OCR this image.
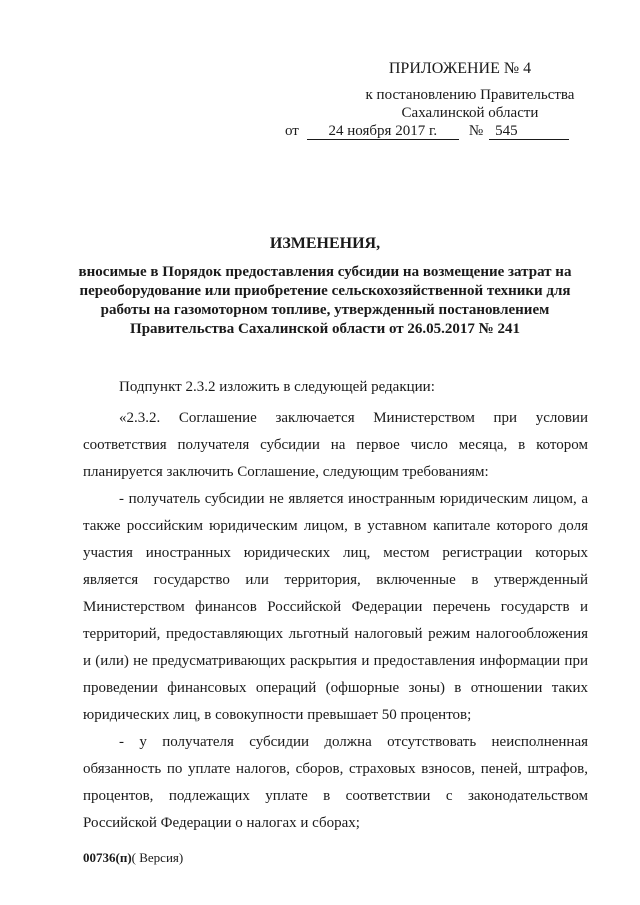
ПРИЛОЖЕНИЕ № 4
к постановлению Правительства
Сахалинской области
от	24 ноября 2017 г.	№ 545
ИЗМЕНЕНИЯ,
вносимые в Порядок предоставления субсидии на возмещение затрат на переоборудование или приобретение сельскохозяйственной техники для работы на газомоторном топливе, утвержденный постановлением Правительства Сахалинской области от 26.05.2017 № 241

Подпункт 2.3.2 изложить в следующей редакции:

«2.3.2. Соглашение заключается Министерством при условии соответствия получателя субсидии на первое число месяца, в котором планируется заключить Соглашение, следующим требованиям:

- получатель субсидии не является иностранным юридическим лицом, а также российским юридическим лицом, в уставном капитале которого доля участия иностранных юридических лиц, местом регистрации которых является государство или территория, включенные в утвержденный Министерством финансов Российской Федерации перечень государств и территорий, предоставляющих льготный налоговый режим налогообложения и (или) не предусматривающих раскрытия и предоставления информации при проведении финансовых операций (офшорные зоны) в отношении таких юридических лиц, в совокупности превышает 50 процентов;

- у получателя субсидии должна отсутствовать неисполненная обязанность по уплате налогов, сборов, страховых взносов, пеней, штрафов, процентов, подлежащих уплате в соответствии с законодательством Российской Федерации о налогах и сборах;

00736(п)( Версия)
